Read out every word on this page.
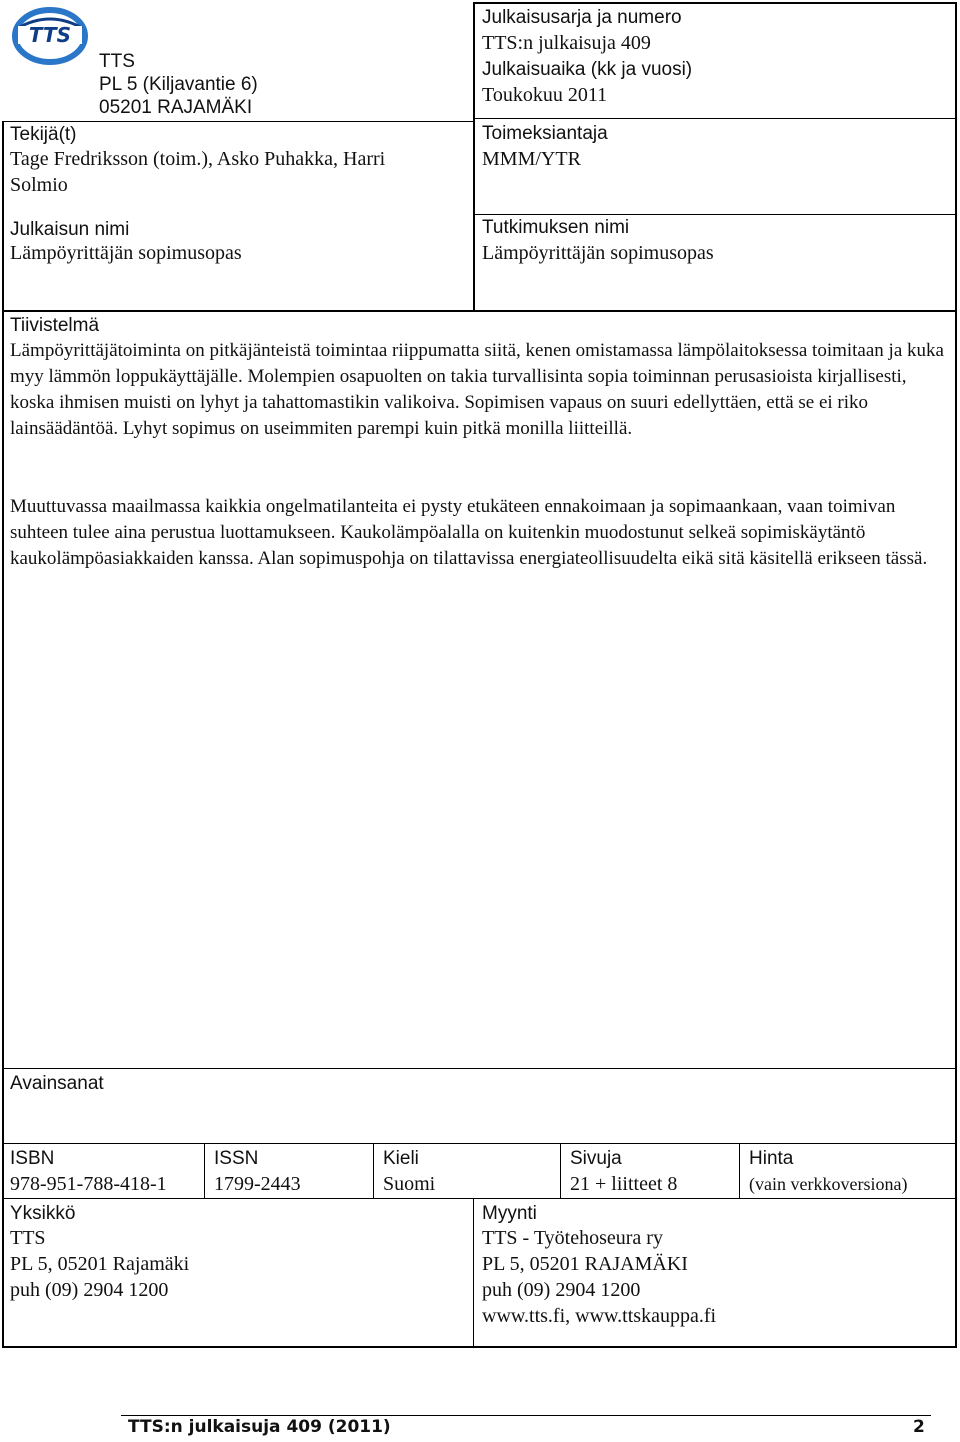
TTS
TTS
PL 5 (Kiljavantie 6)
05201 RAJAMÄKI
Tekijä(t)
Tage Fredriksson (toim.), Asko Puhakka, Harri
Solmio
Julkaisun nimi
Lämpöyrittäjän sopimusopas
Julkaisusarja ja numero
TTS:n julkaisuja 409
Julkaisuaika (kk ja vuosi)
Toukokuu 2011
Toimeksiantaja
MMM/YTR
Tutkimuksen nimi
Lämpöyrittäjän sopimusopas
Tiivistelmä

Lämpöyrittäjätoiminta on pitkäjänteistä toimintaa riippumatta siitä, kenen omistamassa lämpölaitoksessa toimitaan ja kuka myy lämmön loppukäyttäjälle. Molempien osapuolten on takia turvallisinta sopia toiminnan perusasioista kirjallisesti, koska ihmisen muisti on lyhyt ja tahattomastikin valikoiva. Sopimisen vapaus on suuri edellyttäen, että se ei riko lainsäädäntöä. Lyhyt sopimus on useimmiten parempi kuin pitkä monilla liitteillä.

Muuttuvassa maailmassa kaikkia ongelmatilanteita ei pysty etukäteen ennakoimaan ja sopimaankaan, vaan toimivan suhteen tulee aina perustua luottamukseen. Kaukolämpöalalla on kuitenkin muodostunut selkeä sopimiskäytäntö kaukolämpöasiakkaiden kanssa. Alan sopimuspohja on tilattavissa energiateollisuudelta eikä sitä käsitellä erikseen tässä.

Avainsanat
ISBN
978-951-788-418-1
ISSN
1799-2443
Kieli
Suomi
Sivuja
21 + liitteet 8
Hinta
(vain verkkoversiona)
Yksikkö
TTS
PL 5, 05201 Rajamäki
puh (09) 2904 1200
Myynti
TTS - Työtehoseura ry
PL 5, 05201 RAJAMÄKI
puh (09) 2904 1200
www.tts.fi, www.ttskauppa.fi
TTS:n julkaisuja 409 (2011)	2
